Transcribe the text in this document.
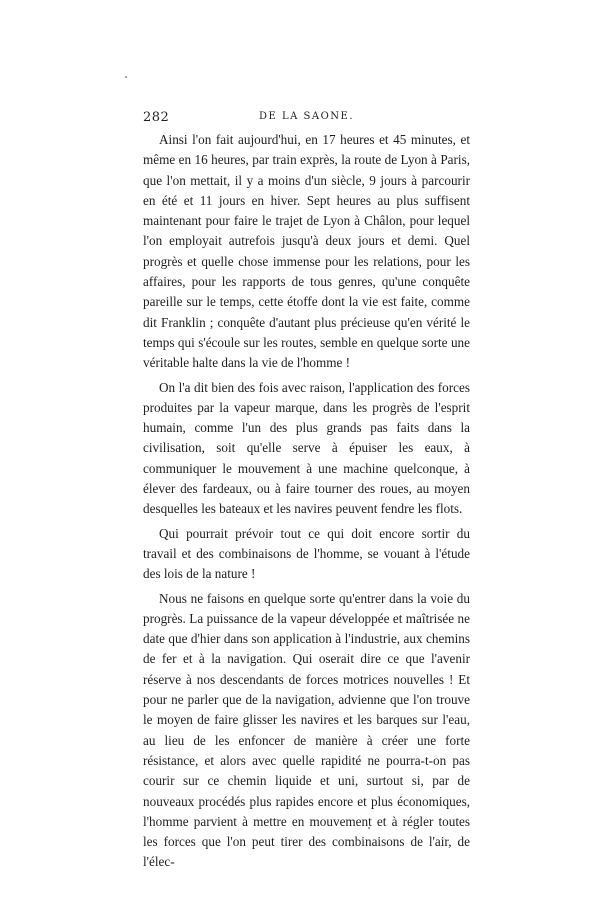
282	DE LA SAONE.

Ainsi l'on fait aujourd'hui, en 17 heures et 45 minutes, et même en 16 heures, par train exprès, la route de Lyon à Paris, que l'on mettait, il y a moins d'un siècle, 9 jours à parcourir en été et 11 jours en hiver. Sept heures au plus suffisent maintenant pour faire le trajet de Lyon à Châlon, pour lequel l'on employait autrefois jusqu'à deux jours et demi. Quel progrès et quelle chose immense pour les relations, pour les affaires, pour les rapports de tous genres, qu'une conquête pareille sur le temps, cette étoffe dont la vie est faite, comme dit Franklin ; conquête d'autant plus précieuse qu'en vérité le temps qui s'écoule sur les routes, semble en quelque sorte une véritable halte dans la vie de l'homme !

On l'a dit bien des fois avec raison, l'application des forces produites par la vapeur marque, dans les progrès de l'esprit humain, comme l'un des plus grands pas faits dans la civilisation, soit qu'elle serve à épuiser les eaux, à communiquer le mouvement à une machine quelconque, à élever des fardeaux, ou à faire tourner des roues, au moyen desquelles les bateaux et les navires peuvent fendre les flots.

Qui pourrait prévoir tout ce qui doit encore sortir du travail et des combinaisons de l'homme, se vouant à l'étude des lois de la nature !

Nous ne faisons en quelque sorte qu'entrer dans la voie du progrès. La puissance de la vapeur développée et maîtrisée ne date que d'hier dans son application à l'industrie, aux chemins de fer et à la navigation. Qui oserait dire ce que l'avenir réserve à nos descendants de forces motrices nouvelles ! Et pour ne parler que de la navigation, advienne que l'on trouve le moyen de faire glisser les navires et les barques sur l'eau, au lieu de les enfoncer de manière à créer une forte résistance, et alors avec quelle rapidité ne pourra-t-on pas courir sur ce chemin liquide et uni, surtout si, par de nouveaux procédés plus rapides encore et plus économiques, l'homme parvient à mettre en mouvement et à régler toutes les forces que l'on peut tirer des combinaisons de l'air, de l'élec-
